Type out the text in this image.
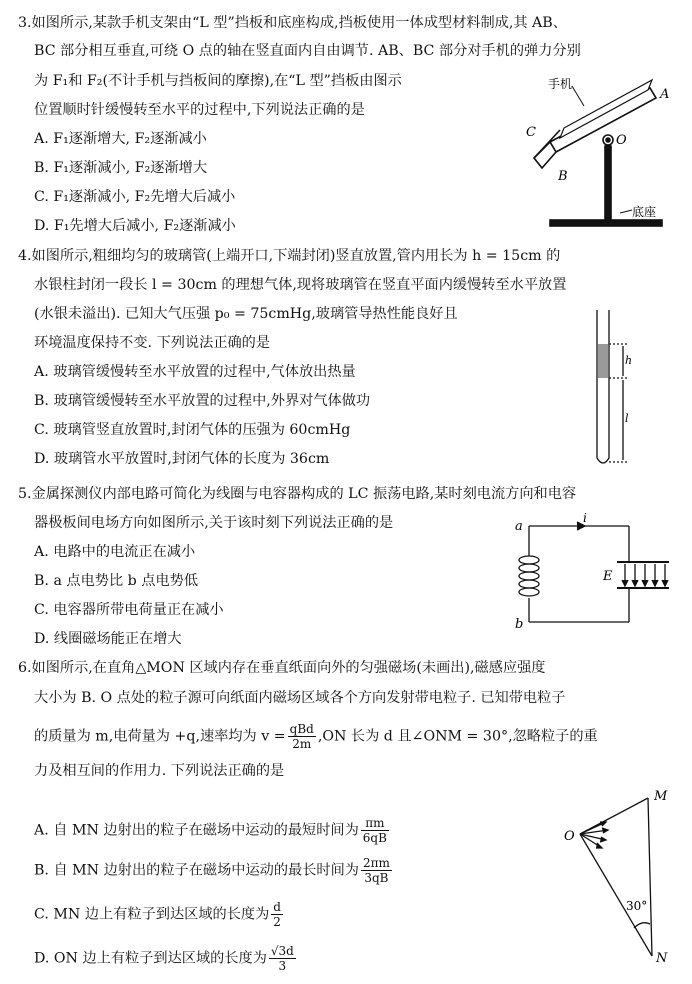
3.如图所示,某款手机支架由“L 型”挡板和底座构成,挡板使用一体成型材料制成,其 AB、
BC 部分相互垂直,可绕 O 点的轴在竖直面内自由调节. AB、BC 部分对手机的弹力分别
为 F₁和 F₂(不计手机与挡板间的摩擦),在“L 型”挡板由图示
位置顺时针缓慢转至水平的过程中,下列说法正确的是
A. F₁逐渐增大, F₂逐渐减小
B. F₁逐渐减小, F₂逐渐增大
C. F₁逐渐减小, F₂先增大后减小
D. F₁先增大后减小, F₂逐渐减小
手机
A
C
O
B
底座
4.如图所示,粗细均匀的玻璃管(上端开口,下端封闭)竖直放置,管内用长为 h = 15cm 的
水银柱封闭一段长 l = 30cm 的理想气体,现将玻璃管在竖直平面内缓慢转至水平放置
(水银未溢出). 已知大气压强 p₀ = 75cmHg,玻璃管导热性能良好且
环境温度保持不变. 下列说法正确的是
A. 玻璃管缓慢转至水平放置的过程中,气体放出热量
B. 玻璃管缓慢转至水平放置的过程中,外界对气体做功
C. 玻璃管竖直放置时,封闭气体的压强为 60cmHg
D. 玻璃管水平放置时,封闭气体的长度为 36cm
h
l
5.金属探测仪内部电路可简化为线圈与电容器构成的 LC 振荡电路,某时刻电流方向和电容
器极板间电场方向如图所示,关于该时刻下列说法正确的是
A. 电路中的电流正在减小
B. a 点电势比 b 点电势低
C. 电容器所带电荷量正在减小
D. 线圈磁场能正在增大
a
b
i
E
6.如图所示,在直角△MON 区域内存在垂直纸面向外的匀强磁场(未画出),磁感应强度
大小为 B. O 点处的粒子源可向纸面内磁场区域各个方向发射带电粒子. 已知带电粒子
的质量为 m,电荷量为 +q,速率均为 $v = \frac{\text{qBd}}{2m} ,ON$ 长为 d 且∠ONM = 30°,忽略粒子的重
力及相互间的作用力. 下列说法正确的是
A. 自 MN 边射出的粒子在磁场中运动的最短时间为 $\frac{\pi m}{6qB}$
B. 自 MN 边射出的粒子在磁场中运动的最长时间为 $\frac{2\pi m}{3qB}$
C. MN 边上有粒子到达区域的长度为 $\frac{d}{2}$
D. ON 边上有粒子到达区域的长度为 $\frac{√3d}{3}$
M
O
N
30°
